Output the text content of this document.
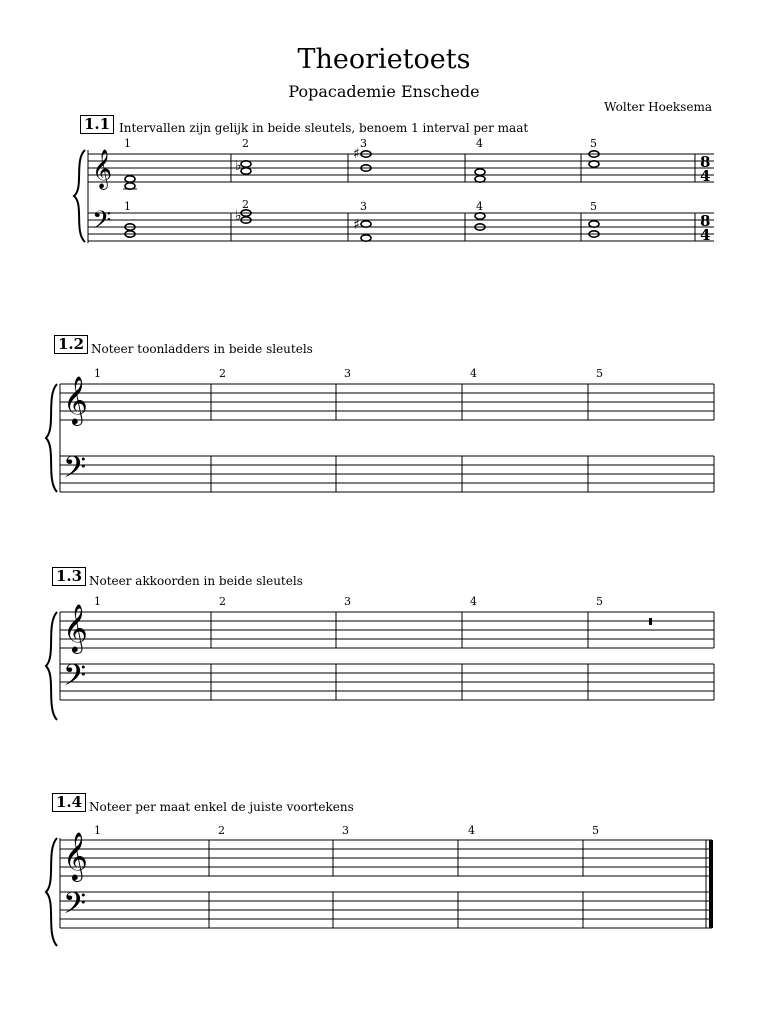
Theorietoets
Popacademie Enschede
Wolter Hoeksema
1.1 Intervallen zijn gelijk in beide sleutels, benoem 1 interval per maat
1.2 Noteer toonladders in beide sleutels
1.3 Noteer akkoorden in beide sleutels
1.4 Noteer per maat enkel de juiste voortekens
𝄞
𝄢
1	2	3	4	5
1	2	3	4	5
♭
♭
♯
♯
8
4
8
4
𝄞
𝄢
1	2	3	4	5
𝄞
𝄢
1	2	3	4	5
𝄞
𝄢
1	2	3	4	5
